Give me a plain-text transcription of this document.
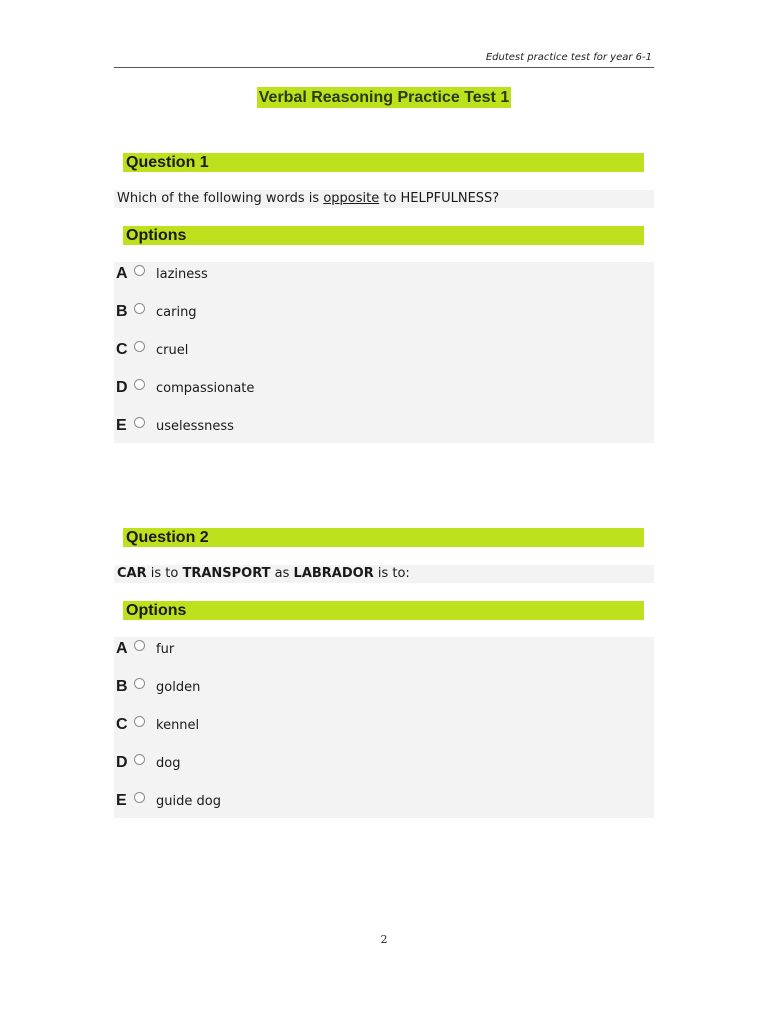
Edutest practice test for year 6-1
Verbal Reasoning Practice Test 1
Question 1
Which of the following words is opposite to HELPFULNESS?
Options
A laziness
B caring
C cruel
D compassionate
E uselessness
Question 2
CAR is to TRANSPORT as LABRADOR is to:
Options
A fur
B golden
C kennel
D dog
E guide dog
2
